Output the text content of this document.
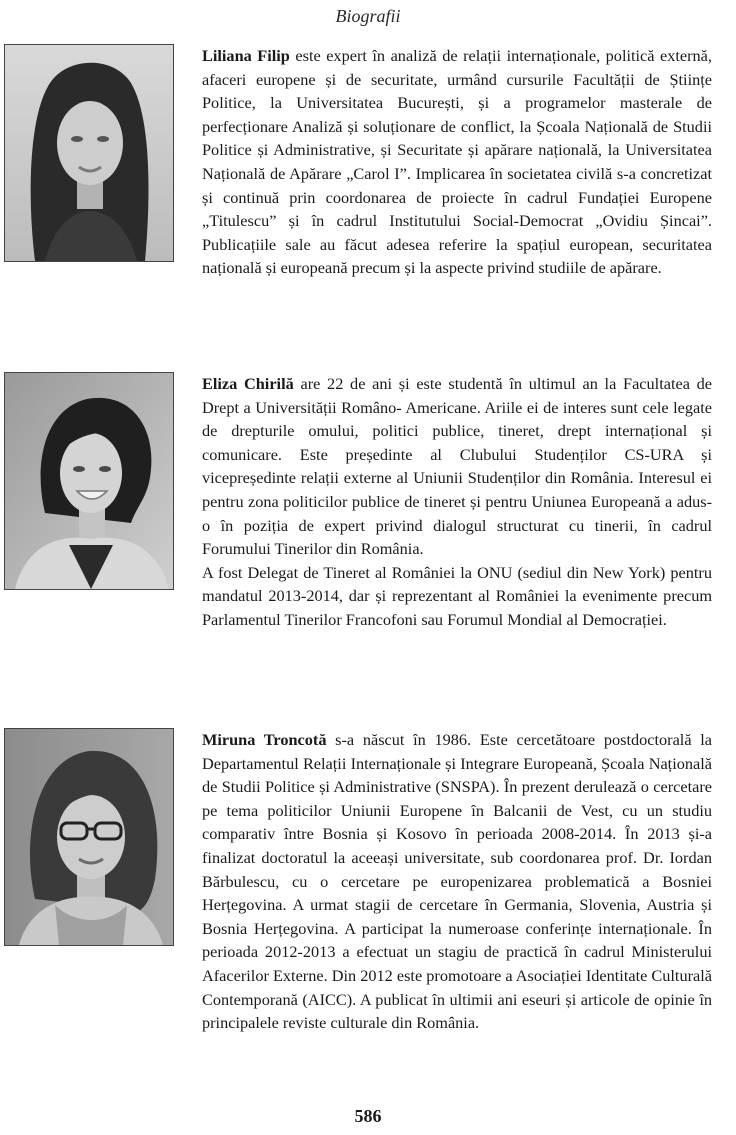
Biografii

Liliana Filip este expert în analiză de relații internaționale, politică externă, afaceri europene și de securitate, urmând cursurile Facultății de Științe Politice, la Universitatea București, și a programelor masterale de perfecționare Analiză și soluționare de conflict, la Școala Națională de Studii Politice și Administrative, și Securitate și apărare națională, la Universitatea Națională de Apărare „Carol I”. Implicarea în societatea civilă s-a concretizat și continuă prin coordonarea de proiecte în cadrul Fundației Europene „Titulescu” și în cadrul Institutului Social-Democrat „Ovidiu Șincai”. Publicațiile sale au făcut adesea referire la spațiul european, securitatea națională și europeană precum și la aspecte privind studiile de apărare.

Eliza Chirilă are 22 de ani și este studentă în ultimul an la Facultatea de Drept a Universității Româno- Americane. Ariile ei de interes sunt cele legate de drepturile omului, politici publice, tineret, drept internațional și comunicare. Este președinte al Clubului Studenților CS-URA și vicepreședinte relații externe al Uniunii Studenților din România. Interesul ei pentru zona politicilor publice de tineret și pentru Uniunea Europeană a adus-o în poziția de expert privind dialogul structurat cu tinerii, în cadrul Forumului Tinerilor din România.

A fost Delegat de Tineret al României la ONU (sediul din New York) pentru mandatul 2013-2014, dar și reprezentant al României la evenimente precum Parlamentul Tinerilor Francofoni sau Forumul Mondial al Democrației.

Miruna Troncotă s-a născut în 1986. Este cercetătoare postdoctorală la Departamentul Relații Internaționale și Integrare Europeană, Școala Națională de Studii Politice și Administrative (SNSPA). În prezent derulează o cercetare pe tema politicilor Uniunii Europene în Balcanii de Vest, cu un studiu comparativ între Bosnia și Kosovo în perioada 2008-2014. În 2013 și-a finalizat doctoratul la aceeași universitate, sub coordonarea prof. Dr. Iordan Bărbulescu, cu o cercetare pe europenizarea problematică a Bosniei Herțegovina. A urmat stagii de cercetare în Germania, Slovenia, Austria și Bosnia Herțegovina. A participat la numeroase conferințe internaționale. În perioada 2012-2013 a efectuat un stagiu de practică în cadrul Ministerului Afacerilor Externe. Din 2012 este promotoare a Asociației Identitate Culturală Contemporană (AICC). A publicat în ultimii ani eseuri și articole de opinie în principalele reviste culturale din România.

586
